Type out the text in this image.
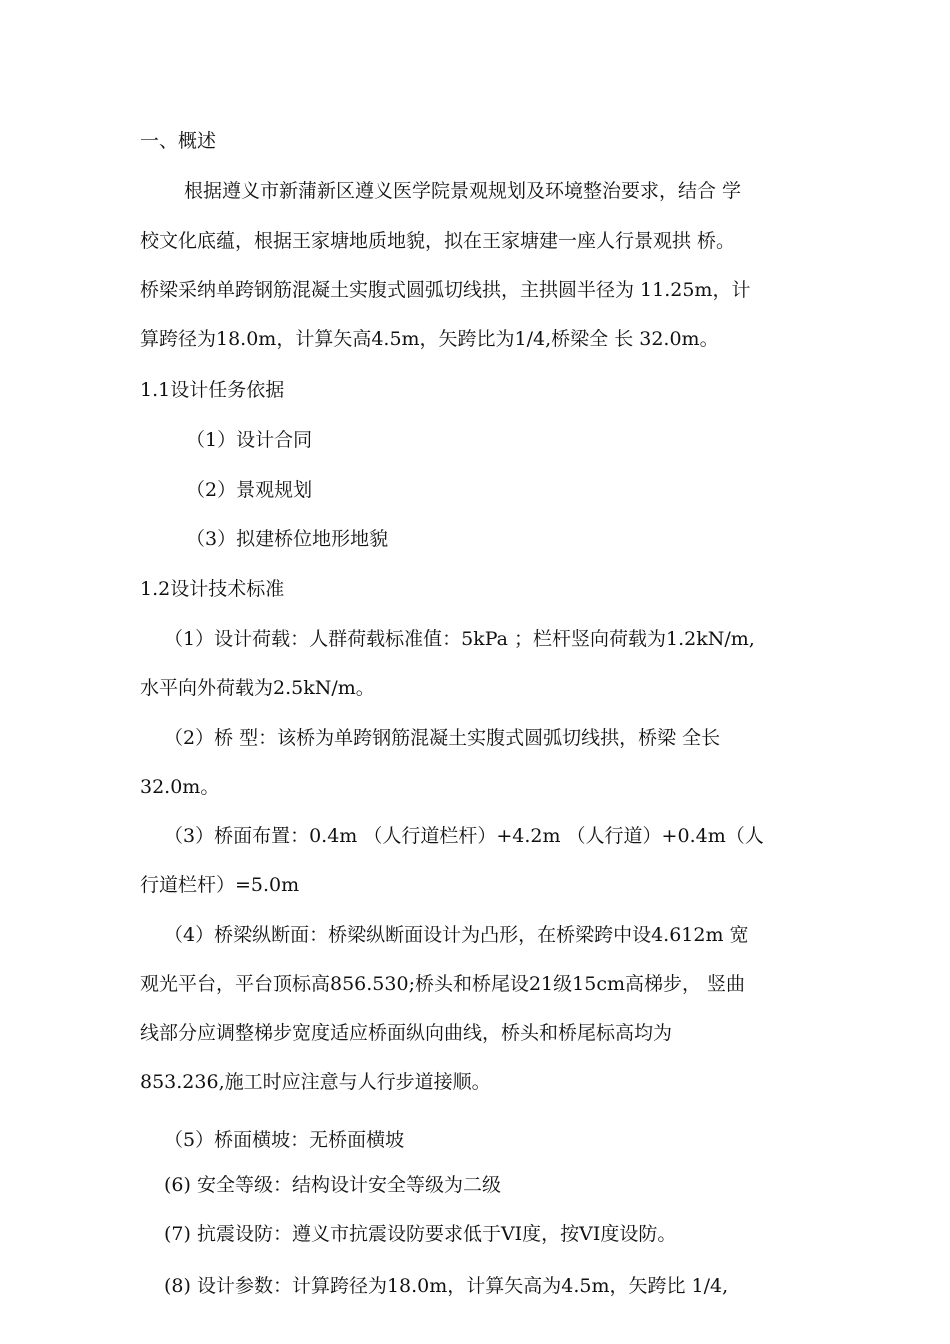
一、概述
根据遵义市新蒲新区遵义医学院景观规划及环境整治要求，结合 学
校文化底蕴，根据王家塘地质地貌，拟在王家塘建一座人行景观拱 桥。
桥梁采纳单跨钢筋混凝土实腹式圆弧切线拱，主拱圆半径为 11.25m，计
算跨径为18.0m，计算矢高4.5m，矢跨比为1/4,桥梁全 长 32.0m。
1.1设计任务依据
（1）设计合同
（2）景观规划
（3）拟建桥位地形地貌
1.2设计技术标准
（1）设计荷载：人群荷载标准值：5kPa ；栏杆竖向荷载为1.2kN/m,
水平向外荷载为2.5kN/m。
（2）桥 型：该桥为单跨钢筋混凝土实腹式圆弧切线拱，桥梁 全长
32.0m。
（3）桥面布置：0.4m （人行道栏杆）+4.2m （人行道）+0.4m（人
行道栏杆）=5.0m
（4）桥梁纵断面：桥梁纵断面设计为凸形，在桥梁跨中设4.612m 宽
观光平台，平台顶标高856.530;桥头和桥尾设21级15cm高梯步， 竖曲
线部分应调整梯步宽度适应桥面纵向曲线，桥头和桥尾标高均为
853.236,施工时应注意与人行步道接顺。
（5）桥面横坡：无桥面横坡
(6) 安全等级：结构设计安全等级为二级
(7) 抗震设防：遵义市抗震设防要求低于VI度，按VI度设防。
(8) 设计参数：计算跨径为18.0m，计算矢高为4.5m，矢跨比 1/4,
